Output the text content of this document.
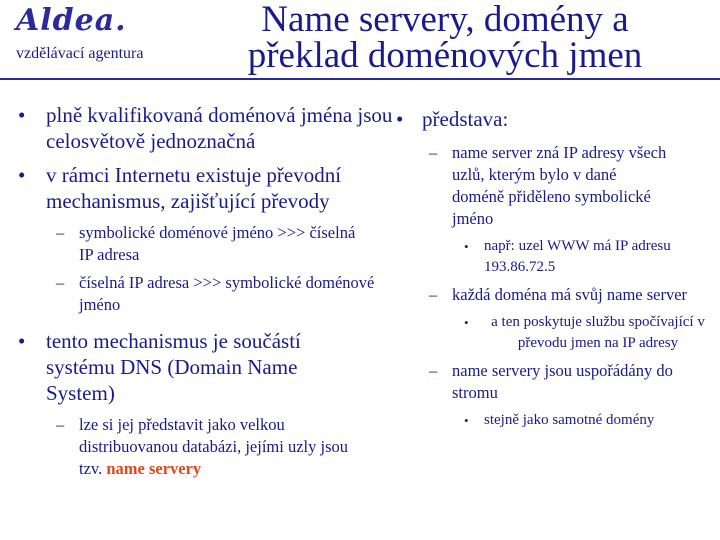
Aldea.
vzdělávací agentura
Name servery, domény a
překlad doménových jmen
• plně kvalifikovaná doménová jména jsou celosvětově jednoznačná
• v rámci Internetu existuje převodní mechanismus, zajišťující převody
– symbolické doménové jméno >>> číselná IP adresa
– číselná IP adresa >>> symbolické doménové jméno
• tento mechanismus je součástí systému DNS (Domain Name System)
– lze si jej představit jako velkou distribuovanou databázi, jejími uzly jsou tzv. name servery
• představa:
– name server zná IP adresy všech uzlů, kterým bylo v dané doméně přiděleno symbolické jméno
• např: uzel WWW má IP adresu 193.86.72.5
– každá doména má svůj name server
• a ten poskytuje službu spočívající v převodu jmen na IP adresy
– name servery jsou uspořádány do stromu
• stejně jako samotné domény
